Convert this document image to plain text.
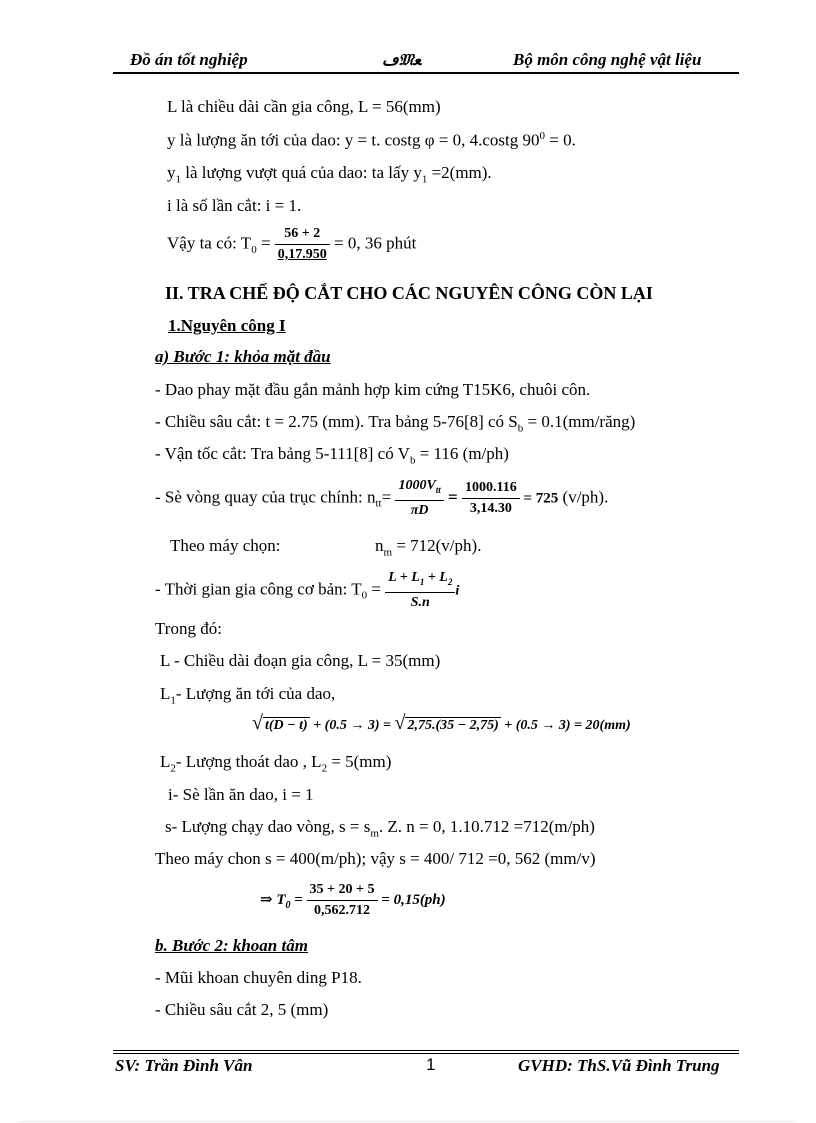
Đồ án tốt nghiệp	ڡ𝔐ﻌ	Bộ môn công nghệ vật liệu
L là chiều dài cần gia công, L = 56(mm)
y là lượng ăn tới của dao: y = t. costg φ = 0, 4.costg $90^0 = 0$.
$y_1$ là lượng vượt quá của dao: ta lấy $y_1 =2(mm)$.
i là số lần cắt: i = 1.
Vậy ta có: $T_0 = \frac{56 + 2}{0,17.950} = 0$, 36 phút
II. TRA CHẾ ĐỘ CẮT CHO CÁC NGUYÊN CÔNG CÒN LẠI
1.Nguyên công I
a) Bước 1: khỏa mặt đầu
- Dao phay mặt đầu gắn mảnh hợp kim cứng T15K6, chuôi côn.
- Chiều sâu cắt: t = 2.75 (mm). Tra bảng 5-76[8] có $S_b$ = 0.1(mm/răng)
- Vận tốc cắt: Tra bảng 5-111[8] có $V_b = 116$ (m/ph)
- Sè vòng quay của trục chính: $n_{tt}= \frac{1000V_{tt}}{\pi D} = \frac{1000.116}{3,14.30} = 725$ (v/ph).
Theo máy chọn:	$n_m = 712(v/ph)$.
- Thời gian gia công cơ bản: $T_0 = \frac{L + L_1 + L_2}{S.n}$ i
Trong đó:
L - Chiều dài đoạn gia công, L = 35(mm)
$L_1-$ Lượng ăn tới của dao,
√ t(D − t) + (0.5 → 3) = √ 2,75.(35 − 2,75) + (0.5 → 3) = 20(mm)
$L_2-$ Lượng thoát dao , $L_2 = 5(mm)$
i- Sè lần ăn dao, i = 1
s- Lượng chạy dao vòng, $s = s_m$. Z. n = 0, 1.10.712 =712(m/ph)
Theo máy chon s = 400(m/ph); vậy s = 400/ 712 =0, 562 (mm/v)
⇒ $T_0 = \frac{35 + 20 + 5}{0,562.712} = 0,15(ph)$
b. Bước 2: khoan tâm
- Mũi khoan chuyên ding P18.
- Chiều sâu cắt 2, 5 (mm)
SV: Trần Đình Vân	1	GVHD: ThS.Vũ Đình Trung
